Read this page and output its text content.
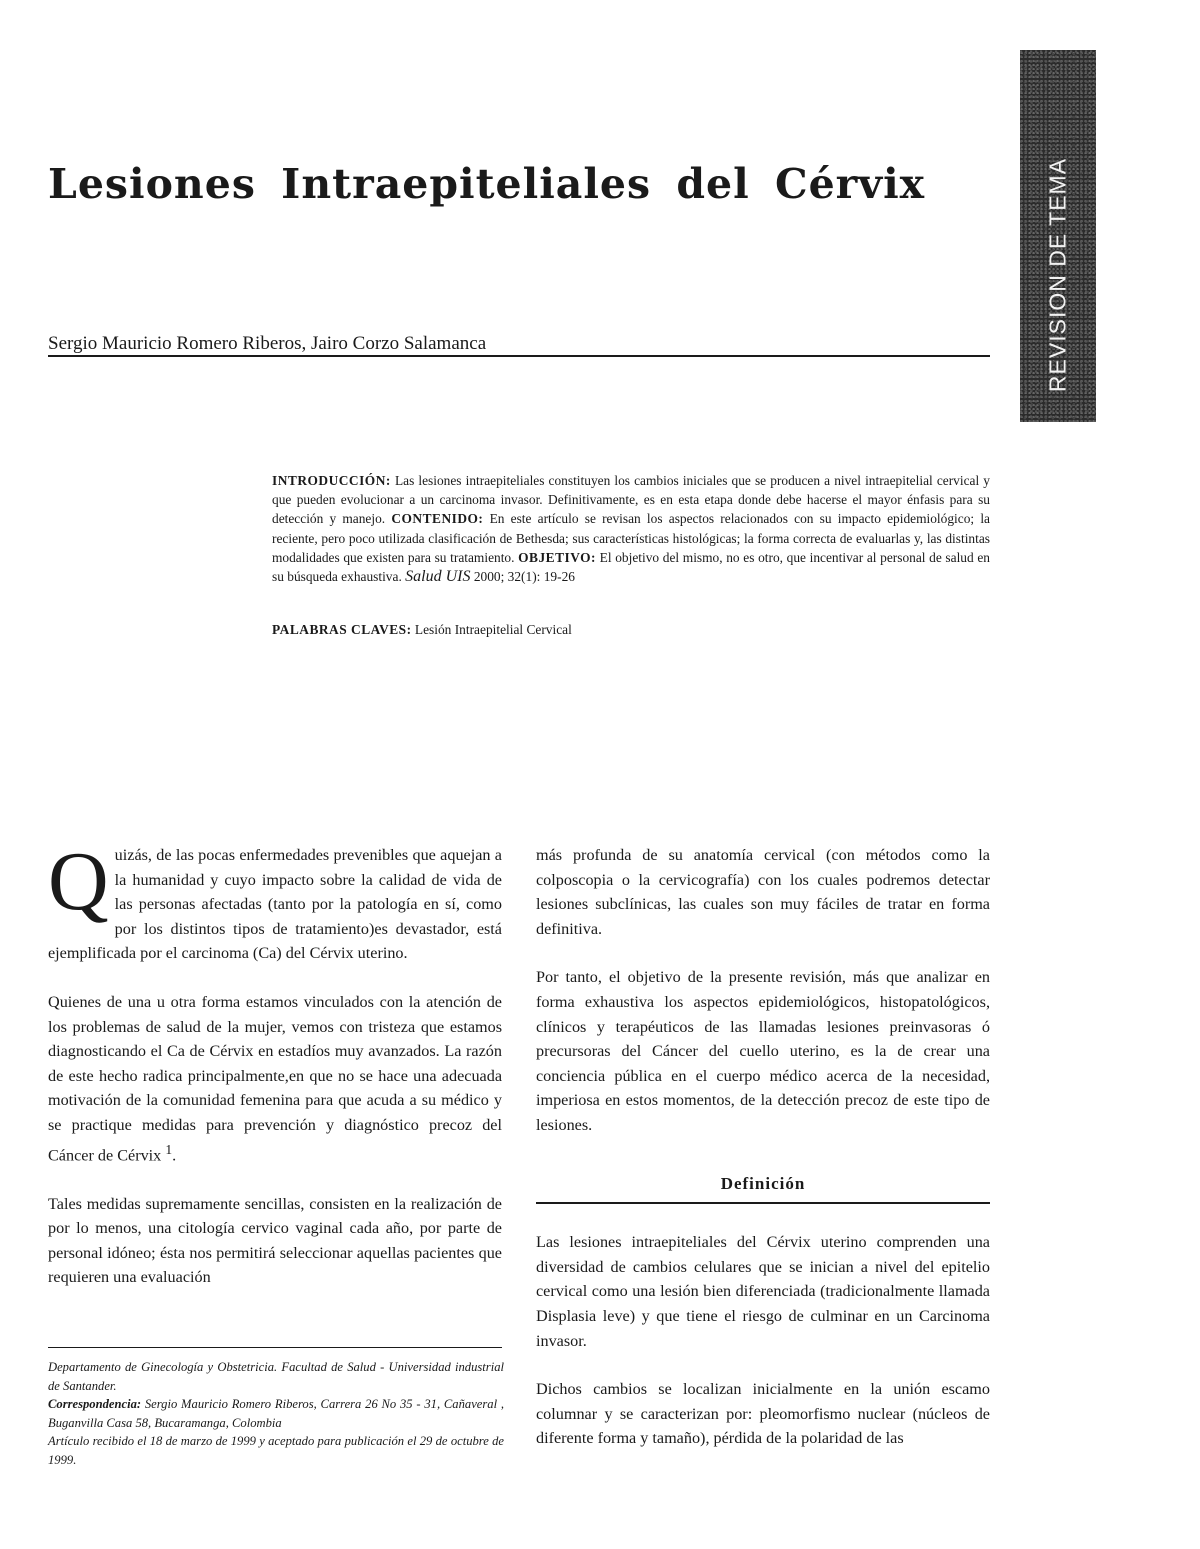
REVISION DE TEMA
Lesiones Intraepiteliales del Cérvix
Sergio Mauricio Romero Riberos, Jairo Corzo Salamanca

INTRODUCCIÓN: Las lesiones intraepiteliales constituyen los cambios iniciales que se producen a nivel intraepitelial cervical y que pueden evolucionar a un carcinoma invasor. Definitivamente, es en esta etapa donde debe hacerse el mayor énfasis para su detección y manejo. CONTENIDO: En este artículo se revisan los aspectos relacionados con su impacto epidemiológico; la reciente, pero poco utilizada clasificación de Bethesda; sus características histológicas; la forma correcta de evaluarlas y, las distintas modalidades que existen para su tratamiento. OBJETIVO: El objetivo del mismo, no es otro, que incentivar al personal de salud en su búsqueda exhaustiva. Salud UIS 2000; 32(1): 19-26

PALABRAS CLAVES: Lesión Intraepitelial Cervical

Quizás, de las pocas enfermedades prevenibles que aquejan a la humanidad y cuyo impacto sobre la calidad de vida de las personas afectadas (tanto por la patología en sí, como por los distintos tipos de tratamiento)es devastador, está ejemplificada por el carcinoma (Ca) del Cérvix uterino.

Quienes de una u otra forma estamos vinculados con la atención de los problemas de salud de la mujer, vemos con tristeza que estamos diagnosticando el Ca de Cérvix en estadíos muy avanzados. La razón de este hecho radica principalmente,en que no se hace una adecuada motivación de la comunidad femenina para que acuda a su médico y se practique medidas para prevención y diagnóstico precoz del Cáncer de Cérvix $^1$.

Tales medidas supremamente sencillas, consisten en la realización de por lo menos, una citología cervico vaginal cada año, por parte de personal idóneo; ésta nos permitirá seleccionar aquellas pacientes que requieren una evaluación

más profunda de su anatomía cervical (con métodos como la colposcopia o la cervicografía) con los cuales podremos detectar lesiones subclínicas, las cuales son muy fáciles de tratar en forma definitiva.

Por tanto, el objetivo de la presente revisión, más que analizar en forma exhaustiva los aspectos epidemiológicos, histopatológicos, clínicos y terapéuticos de las llamadas lesiones preinvasoras ó precursoras del Cáncer del cuello uterino, es la de crear una conciencia pública en el cuerpo médico acerca de la necesidad, imperiosa en estos momentos, de la detección precoz de este tipo de lesiones.

Definición

Las lesiones intraepiteliales del Cérvix uterino comprenden una diversidad de cambios celulares que se inician a nivel del epitelio cervical como una lesión bien diferenciada (tradicionalmente llamada Displasia leve) y que tiene el riesgo de culminar en un Carcinoma invasor.

Dichos cambios se localizan inicialmente en la unión escamo columnar y se caracterizan por: pleomorfismo nuclear (núcleos de diferente forma y tamaño), pérdida de la polaridad de las

Departamento de Ginecología y Obstetricia. Facultad de Salud - Universidad industrial de Santander.
Correspondencia: Sergio Mauricio Romero Riberos, Carrera 26 No 35 - 31, Cañaveral , Buganvilla Casa 58, Bucaramanga, Colombia
Artículo recibido el 18 de marzo de 1999 y aceptado para publicación el 29 de octubre de 1999.
